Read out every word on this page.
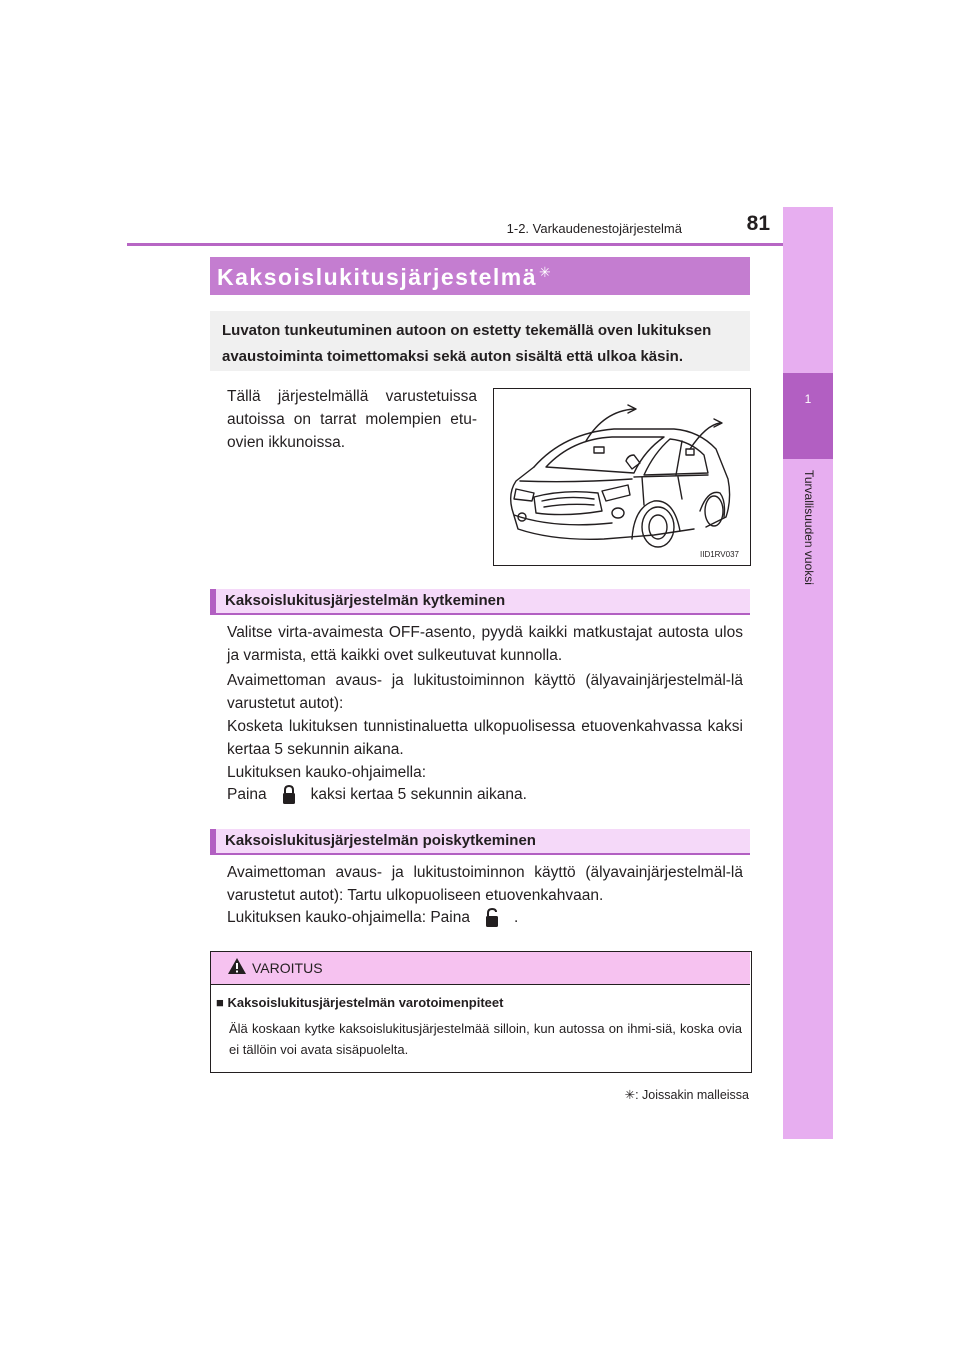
1-2. Varkaudenestojärjestelmä	81
1
Turvallisuuden vuoksi
Kaksoislukitusjärjestelmä ✳
Luvaton tunkeutuminen autoon on estetty tekemällä oven lukituksen avaustoiminta toimettomaksi sekä auton sisältä että ulkoa käsin.
Tällä järjestelmällä varustetuissa autoissa on tarrat molempien etu-ovien ikkunoissa.
IID1RV037
Kaksoislukitusjärjestelmän kytkeminen
Valitse virta-avaimesta OFF-asento, pyydä kaikki matkustajat autosta ulos ja varmista, että kaikki ovet sulkeutuvat kunnolla.
Avaimettoman avaus- ja lukitustoiminnon käyttö (älyavainjärjestelmäl-lä varustetut autot):
Kosketa lukituksen tunnistinaluetta ulkopuolisessa etuovenkahvassa kaksi kertaa 5 sekunnin aikana.
Lukituksen kauko-ohjaimella:
Paina	kaksi kertaa 5 sekunnin aikana.
Kaksoislukitusjärjestelmän poiskytkeminen
Avaimettoman avaus- ja lukitustoiminnon käyttö (älyavainjärjestelmäl-lä varustetut autot): Tartu ulkopuoliseen etuovenkahvaan.
Lukituksen kauko-ohjaimella: Paina	.
VAROITUS
■ Kaksoislukitusjärjestelmän varotoimenpiteet
Älä koskaan kytke kaksoislukitusjärjestelmää silloin, kun autossa on ihmi-siä, koska ovia ei tällöin voi avata sisäpuolelta.
✳: Joissakin malleissa
